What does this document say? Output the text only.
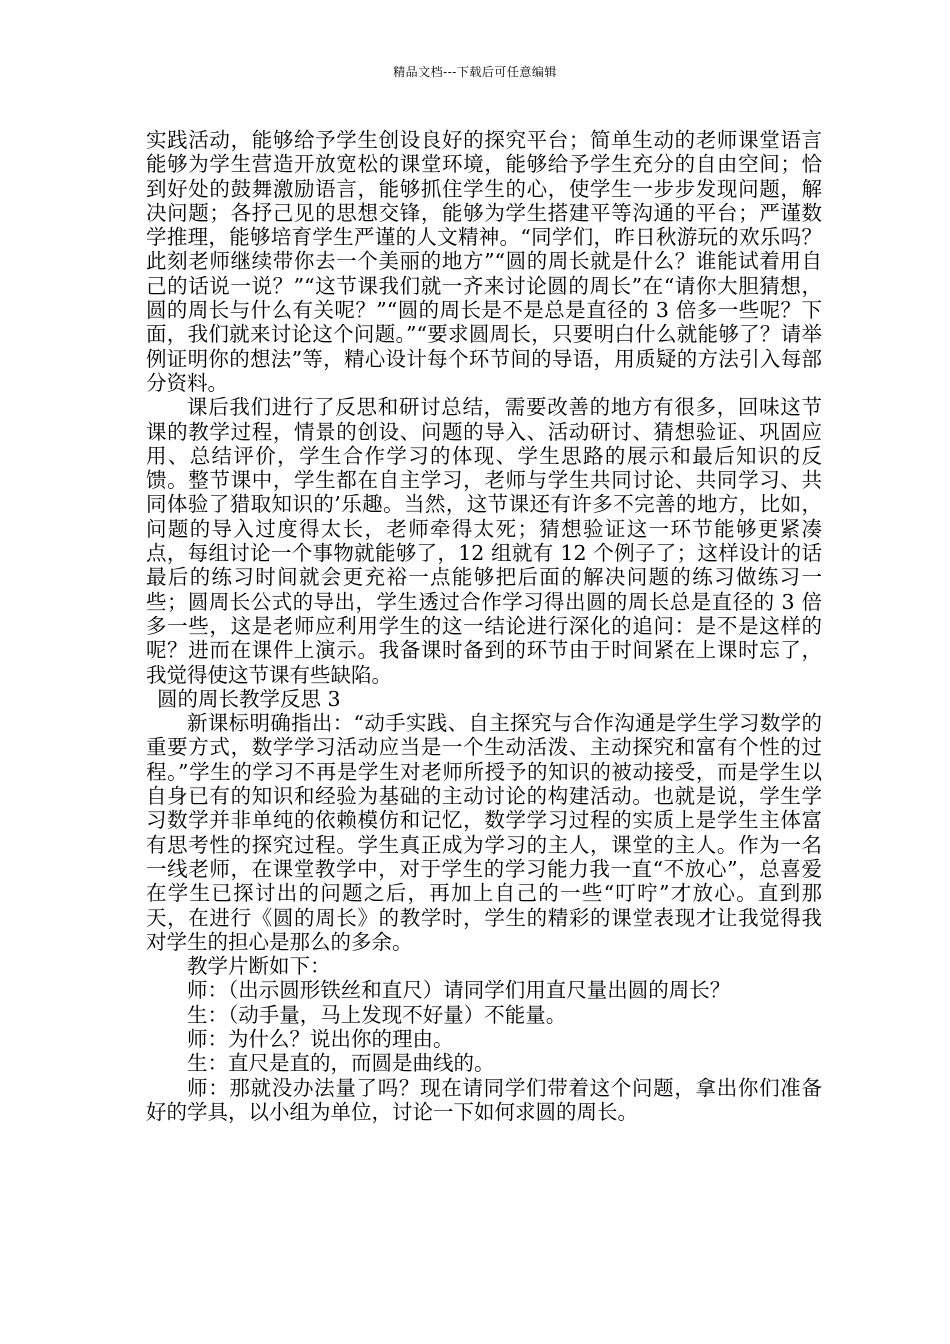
精品文档---下载后可任意编辑

实践活动，能够给予学生创设良好的探究平台；简单生动的老师课堂语言能够为学生营造开放宽松的课堂环境，能够给予学生充分的自由空间；恰到好处的鼓舞激励语言，能够抓住学生的心，使学生一步步发现问题，解决问题；各抒己见的思想交锋，能够为学生搭建平等沟通的平台；严谨数学推理，能够培育学生严谨的人文精神。“同学们，昨日秋游玩的欢乐吗？此刻老师继续带你去一个美丽的地方”“圆的周长就是什么？谁能试着用自己的话说一说？”“这节课我们就一齐来讨论圆的周长”在“请你大胆猜想，圆的周长与什么有关呢？”“圆的周长是不是总是直径的 3 倍多一些呢？下面，我们就来讨论这个问题。”“要求圆周长，只要明白什么就能够了？请举例证明你的想法”等，精心设计每个环节间的导语，用质疑的方法引入每部分资料。

课后我们进行了反思和研讨总结，需要改善的地方有很多，回味这节课的教学过程，情景的创设、问题的导入、活动研讨、猜想验证、巩固应用、总结评价，学生合作学习的体现、学生思路的展示和最后知识的反馈。整节课中，学生都在自主学习，老师与学生共同讨论、共同学习、共同体验了猎取知识的’乐趣。当然，这节课还有许多不完善的地方，比如，问题的导入过度得太长，老师牵得太死；猜想验证这一环节能够更紧凑点，每组讨论一个事物就能够了，12 组就有 12 个例子了；这样设计的话最后的练习时间就会更充裕一点能够把后面的解决问题的练习做练习一些；圆周长公式的导出，学生透过合作学习得出圆的周长总是直径的 3 倍多一些，这是老师应利用学生的这一结论进行深化的追问：是不是这样的呢？进而在课件上演示。我备课时备到的环节由于时间紧在上课时忘了，我觉得使这节课有些缺陷。

圆的周长教学反思 3

新课标明确指出：“动手实践、自主探究与合作沟通是学生学习数学的重要方式，数学学习活动应当是一个生动活泼、主动探究和富有个性的过程。”学生的学习不再是学生对老师所授予的知识的被动接受，而是学生以自身已有的知识和经验为基础的主动讨论的构建活动。也就是说，学生学习数学并非单纯的依赖模仿和记忆，数学学习过程的实质上是学生主体富有思考性的探究过程。学生真正成为学习的主人，课堂的主人。作为一名一线老师，在课堂教学中，对于学生的学习能力我一直“不放心”，总喜爱在学生已探讨出的问题之后，再加上自己的一些“叮咛”才放心。直到那天，在进行《圆的周长》的教学时，学生的精彩的课堂表现才让我觉得我对学生的担心是那么的多余。

教学片断如下：

师：（出示圆形铁丝和直尺）请同学们用直尺量出圆的周长？

生：（动手量，马上发现不好量）不能量。

师：为什么？说出你的理由。

生：直尺是直的，而圆是曲线的。

师：那就没办法量了吗？现在请同学们带着这个问题，拿出你们准备好的学具，以小组为单位，讨论一下如何求圆的周长。
